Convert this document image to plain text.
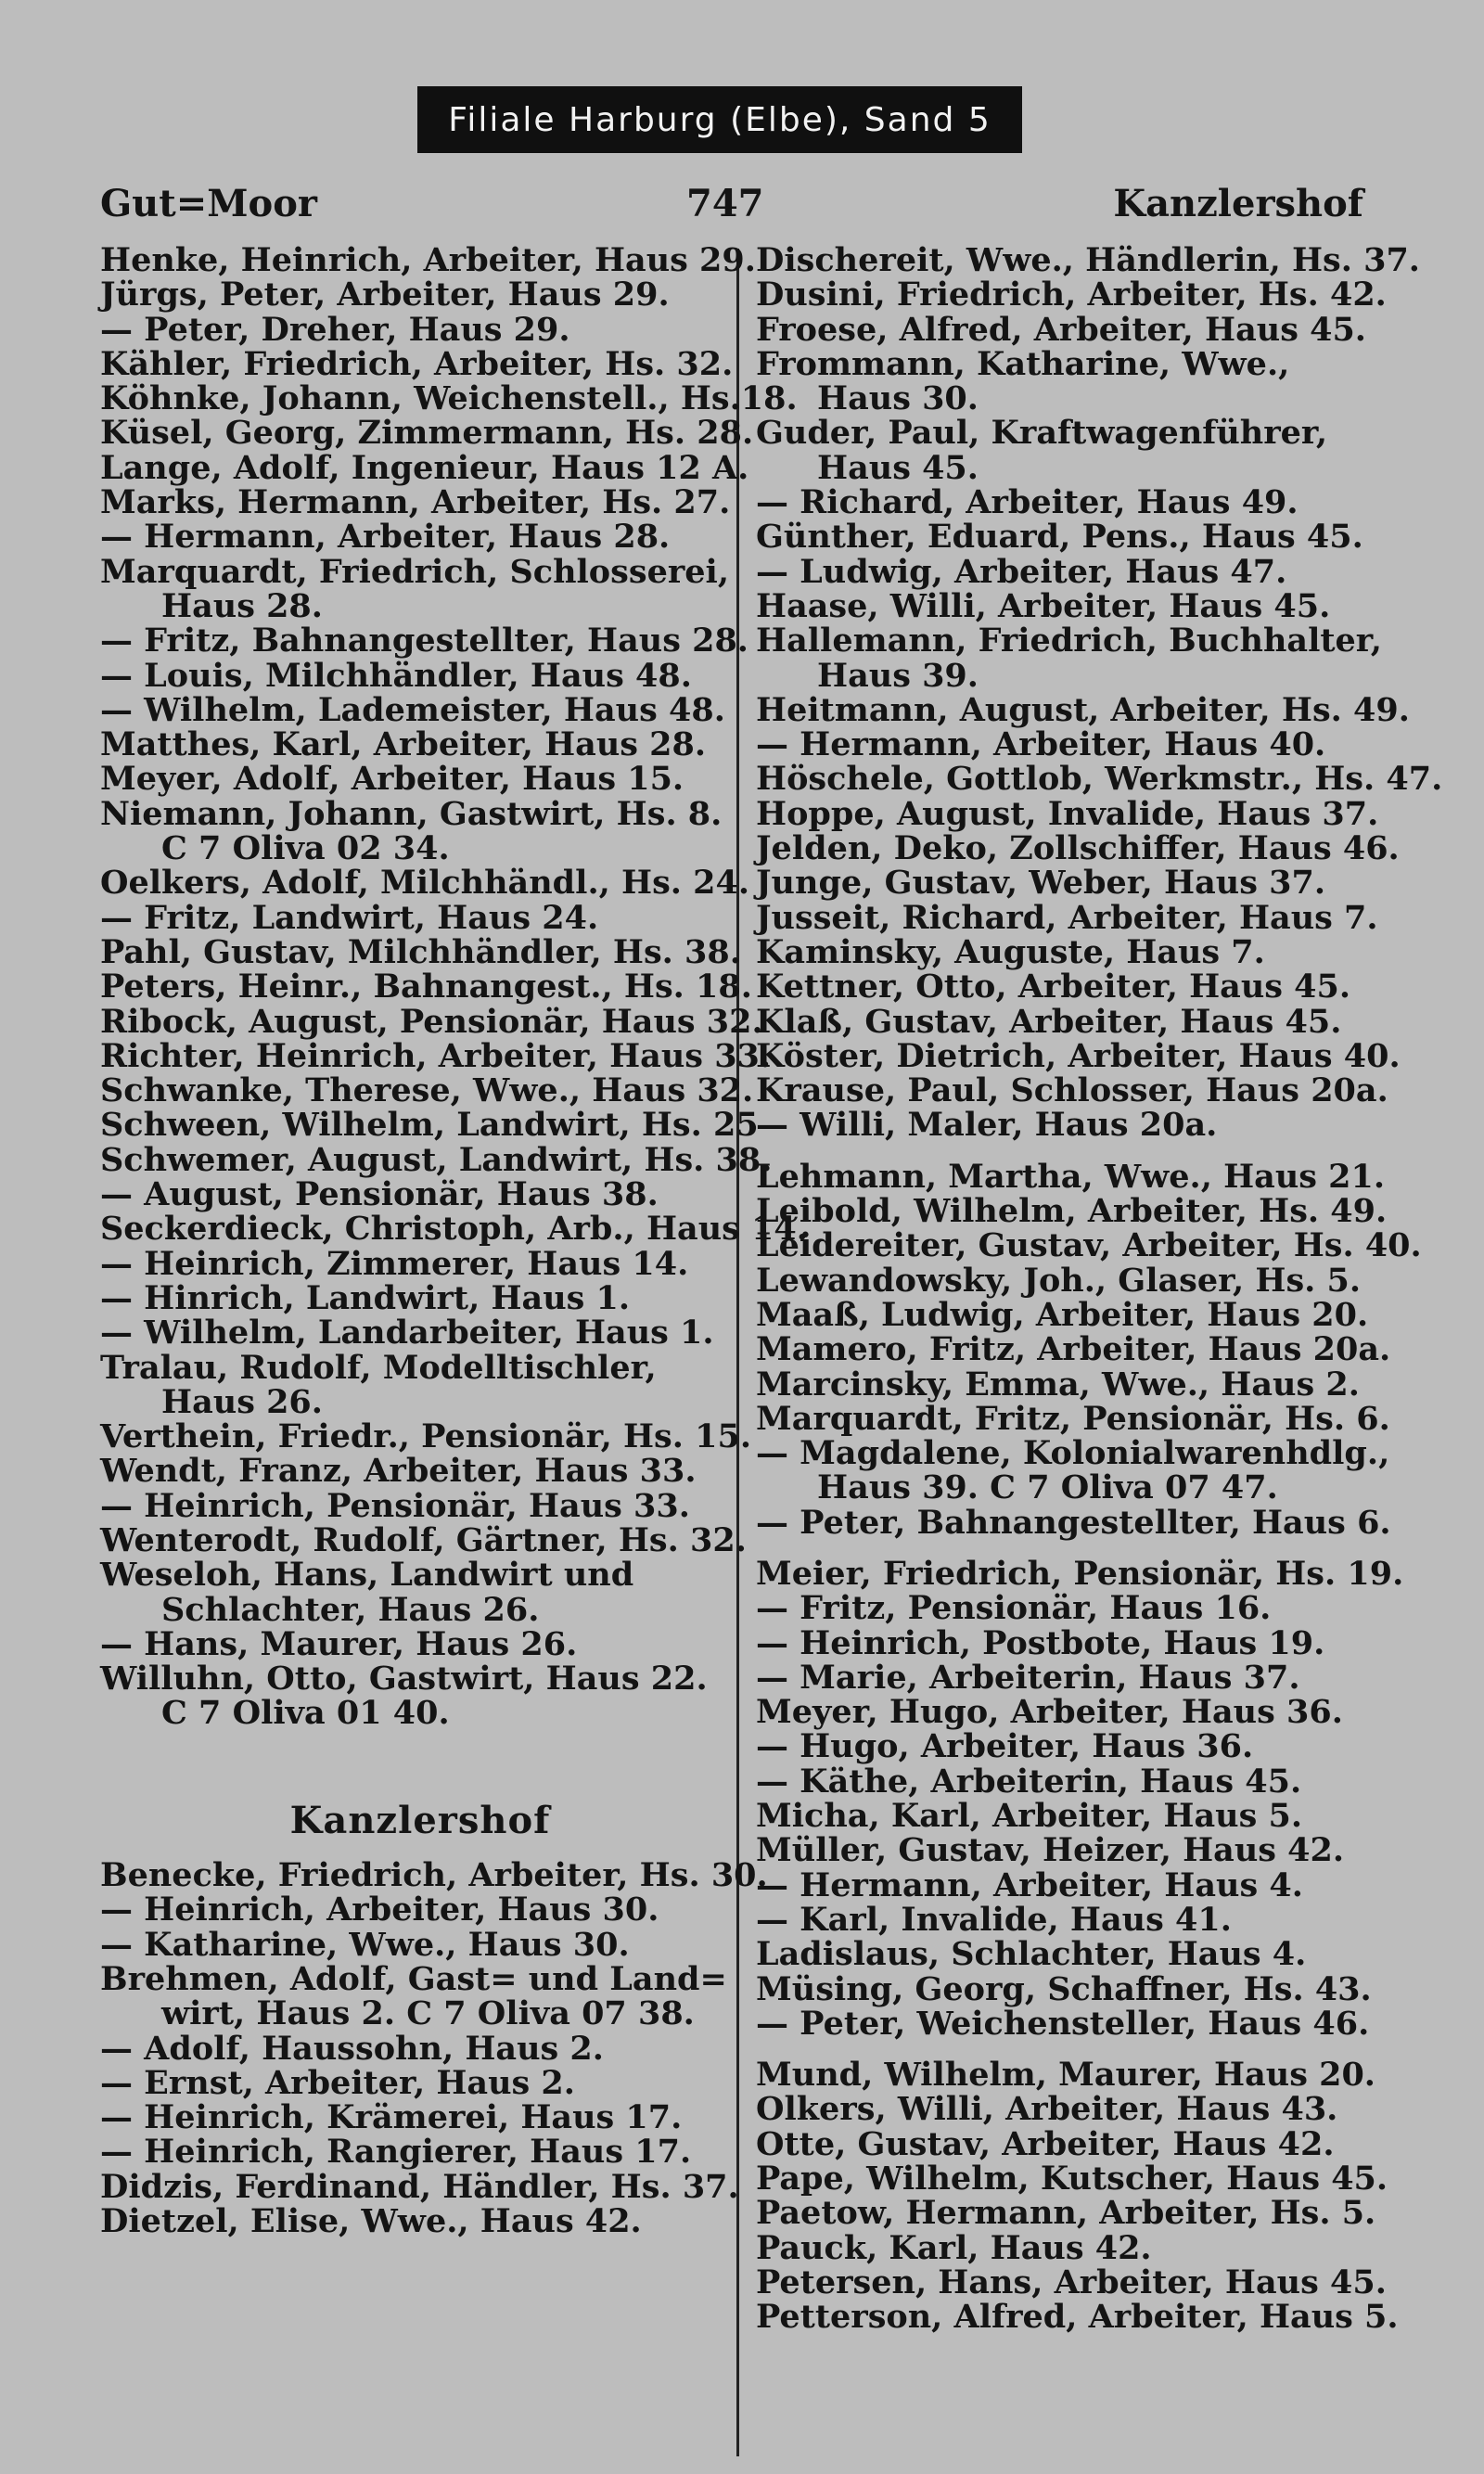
Filiale Harburg (Elbe), Sand 5
Gut=Moor	747	Kanzlershof
Henke, Heinrich, Arbeiter, Haus 29.
Jürgs, Peter, Arbeiter, Haus 29.
— Peter, Dreher, Haus 29.
Kähler, Friedrich, Arbeiter, Hs. 32.
Köhnke, Johann, Weichenstell., Hs.18.
Küsel, Georg, Zimmermann, Hs. 28.
Lange, Adolf, Ingenieur, Haus 12 A.
Marks, Hermann, Arbeiter, Hs. 27.
— Hermann, Arbeiter, Haus 28.
Marquardt, Friedrich, Schlosserei,
Haus 28.
— Fritz, Bahnangestellter, Haus 28.
— Louis, Milchhändler, Haus 48.
— Wilhelm, Lademeister, Haus 48.
Matthes, Karl, Arbeiter, Haus 28.
Meyer, Adolf, Arbeiter, Haus 15.
Niemann, Johann, Gastwirt, Hs. 8.
C 7 Oliva 02 34.
Oelkers, Adolf, Milchhändl., Hs. 24.
— Fritz, Landwirt, Haus 24.
Pahl, Gustav, Milchhändler, Hs. 38.
Peters, Heinr., Bahnangest., Hs. 18.
Ribock, August, Pensionär, Haus 32.
Richter, Heinrich, Arbeiter, Haus 33.
Schwanke, Therese, Wwe., Haus 32.
Schween, Wilhelm, Landwirt, Hs. 25
Schwemer, August, Landwirt, Hs. 38.
— August, Pensionär, Haus 38.
Seckerdieck, Christoph, Arb., Haus 14.
— Heinrich, Zimmerer, Haus 14.
— Hinrich, Landwirt, Haus 1.
— Wilhelm, Landarbeiter, Haus 1.
Tralau, Rudolf, Modelltischler,
Haus 26.
Verthein, Friedr., Pensionär, Hs. 15.
Wendt, Franz, Arbeiter, Haus 33.
— Heinrich, Pensionär, Haus 33.
Wenterodt, Rudolf, Gärtner, Hs. 32.
Weseloh, Hans, Landwirt und
Schlachter, Haus 26.
— Hans, Maurer, Haus 26.
Willuhn, Otto, Gastwirt, Haus 22.
C 7 Oliva 01 40.
Kanzlershof
Benecke, Friedrich, Arbeiter, Hs. 30.
— Heinrich, Arbeiter, Haus 30.
— Katharine, Wwe., Haus 30.
Brehmen, Adolf, Gast= und Land=
wirt, Haus 2. C 7 Oliva 07 38.
— Adolf, Haussohn, Haus 2.
— Ernst, Arbeiter, Haus 2.
— Heinrich, Krämerei, Haus 17.
— Heinrich, Rangierer, Haus 17.
Didzis, Ferdinand, Händler, Hs. 37.
Dietzel, Elise, Wwe., Haus 42.
Dischereit, Wwe., Händlerin, Hs. 37.
Dusini, Friedrich, Arbeiter, Hs. 42.
Froese, Alfred, Arbeiter, Haus 45.
Frommann, Katharine, Wwe.,
Haus 30.
Guder, Paul, Kraftwagenführer,
Haus 45.
— Richard, Arbeiter, Haus 49.
Günther, Eduard, Pens., Haus 45.
— Ludwig, Arbeiter, Haus 47.
Haase, Willi, Arbeiter, Haus 45.
Hallemann, Friedrich, Buchhalter,
Haus 39.
Heitmann, August, Arbeiter, Hs. 49.
— Hermann, Arbeiter, Haus 40.
Höschele, Gottlob, Werkmstr., Hs. 47.
Hoppe, August, Invalide, Haus 37.
Jelden, Deko, Zollschiffer, Haus 46.
Junge, Gustav, Weber, Haus 37.
Jusseit, Richard, Arbeiter, Haus 7.
Kaminsky, Auguste, Haus 7.
Kettner, Otto, Arbeiter, Haus 45.
Klaß, Gustav, Arbeiter, Haus 45.
Köster, Dietrich, Arbeiter, Haus 40.
Krause, Paul, Schlosser, Haus 20a.
— Willi, Maler, Haus 20a.
Lehmann, Martha, Wwe., Haus 21.
Leibold, Wilhelm, Arbeiter, Hs. 49.
Leidereiter, Gustav, Arbeiter, Hs. 40.
Lewandowsky, Joh., Glaser, Hs. 5.
Maaß, Ludwig, Arbeiter, Haus 20.
Mamero, Fritz, Arbeiter, Haus 20a.
Marcinsky, Emma, Wwe., Haus 2.
Marquardt, Fritz, Pensionär, Hs. 6.
— Magdalene, Kolonialwarenhdlg.,
Haus 39. C 7 Oliva 07 47.
— Peter, Bahnangestellter, Haus 6.
Meier, Friedrich, Pensionär, Hs. 19.
— Fritz, Pensionär, Haus 16.
— Heinrich, Postbote, Haus 19.
— Marie, Arbeiterin, Haus 37.
Meyer, Hugo, Arbeiter, Haus 36.
— Hugo, Arbeiter, Haus 36.
— Käthe, Arbeiterin, Haus 45.
Micha, Karl, Arbeiter, Haus 5.
Müller, Gustav, Heizer, Haus 42.
— Hermann, Arbeiter, Haus 4.
— Karl, Invalide, Haus 41.
Ladislaus, Schlachter, Haus 4.
Müsing, Georg, Schaffner, Hs. 43.
— Peter, Weichensteller, Haus 46.
Mund, Wilhelm, Maurer, Haus 20.
Olkers, Willi, Arbeiter, Haus 43.
Otte, Gustav, Arbeiter, Haus 42.
Pape, Wilhelm, Kutscher, Haus 45.
Paetow, Hermann, Arbeiter, Hs. 5.
Pauck, Karl, Haus 42.
Petersen, Hans, Arbeiter, Haus 45.
Petterson, Alfred, Arbeiter, Haus 5.
